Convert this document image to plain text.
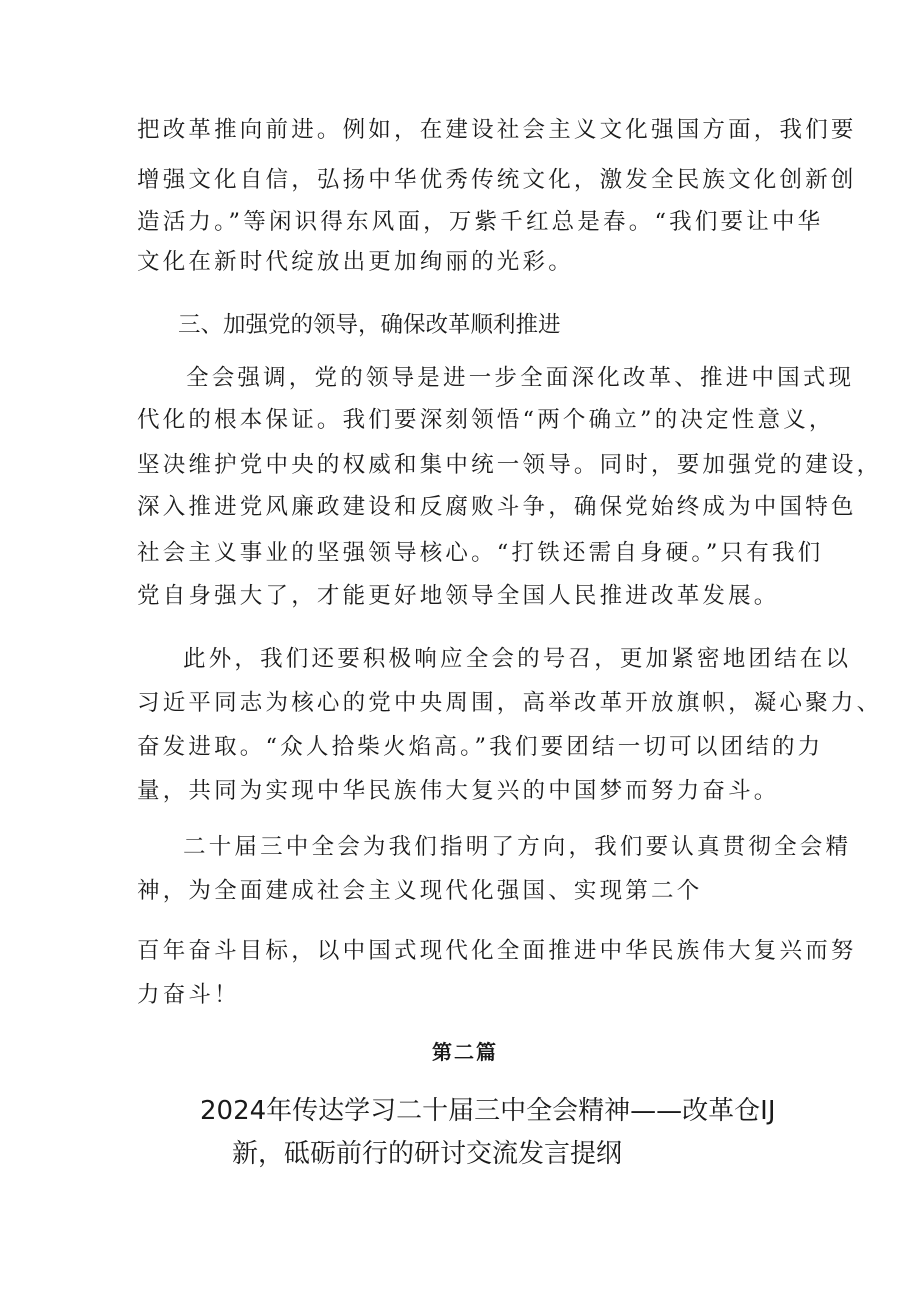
把改革推向前进。例如，在建设社会主义文化强国方面，我们要
增强文化自信，弘扬中华优秀传统文化，激发全民族文化创新创
造活力。”等闲识得东风面，万紫千红总是春。“我们要让中华
文化在新时代绽放出更加绚丽的光彩。
三、加强党的领导，确保改革顺利推进
全会强调，党的领导是进一步全面深化改革、推进中国式现
代化的根本保证。我们要深刻领悟“两个确立”的决定性意义，
坚决维护党中央的权威和集中统一领导。同时，要加强党的建设，
深入推进党风廉政建设和反腐败斗争，确保党始终成为中国特色
社会主义事业的坚强领导核心。“打铁还需自身硬。”只有我们
党自身强大了，才能更好地领导全国人民推进改革发展。
此外，我们还要积极响应全会的号召，更加紧密地团结在以
习近平同志为核心的党中央周围，高举改革开放旗帜，凝心聚力、
奋发进取。“众人拾柴火焰高。”我们要团结一切可以团结的力
量，共同为实现中华民族伟大复兴的中国梦而努力奋斗。
二十届三中全会为我们指明了方向，我们要认真贯彻全会精
神，为全面建成社会主义现代化强国、实现第二个
百年奋斗目标，以中国式现代化全面推进中华民族伟大复兴而努
力奋斗！
第二篇
2024年传达学习二十届三中全会精神——改革仓IJ
新，砥砺前行的研讨交流发言提纲
